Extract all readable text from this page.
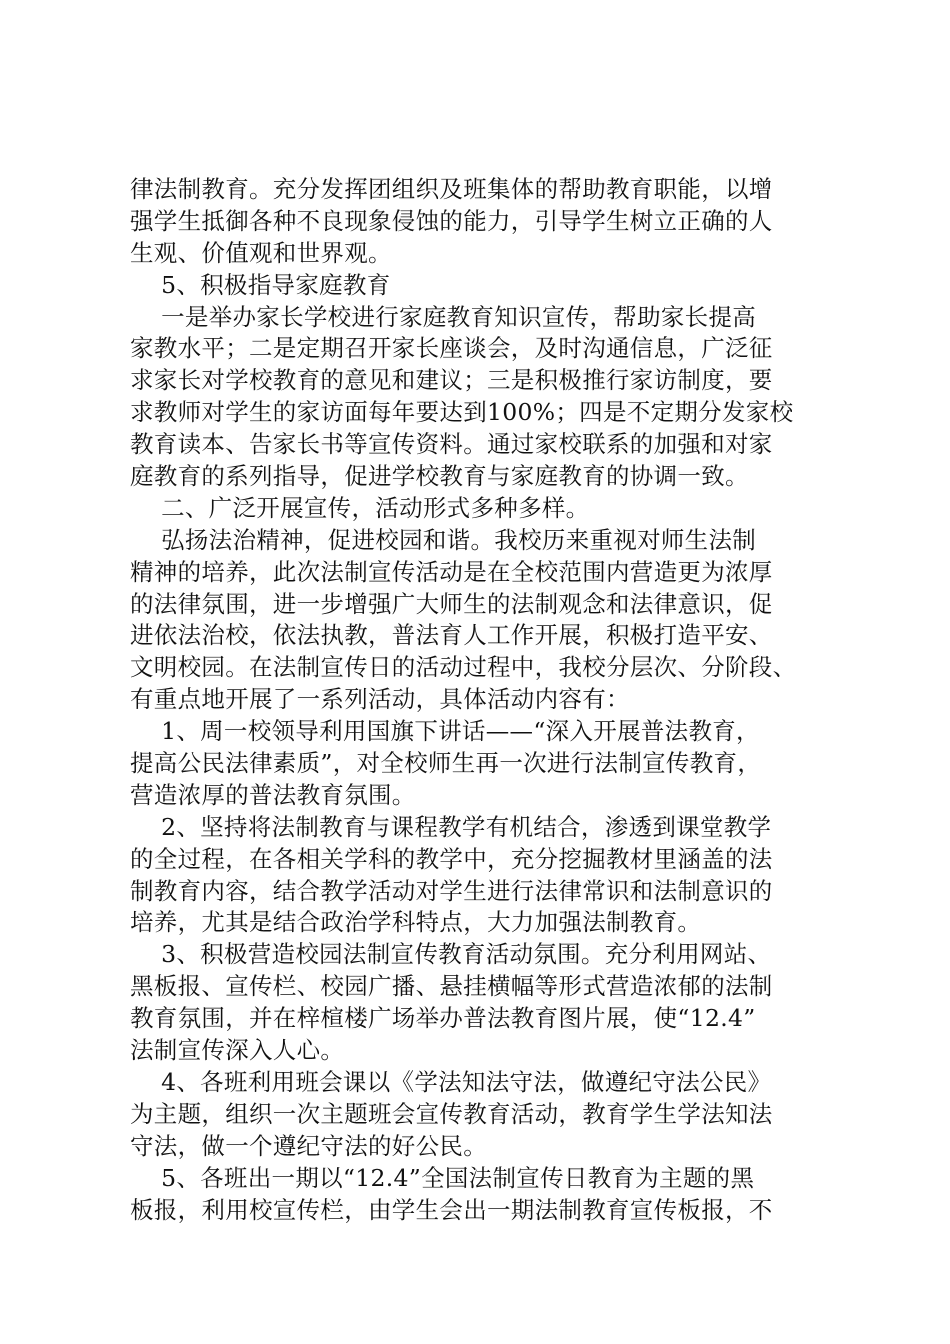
律法制教育。充分发挥团组织及班集体的帮助教育职能，以增
强学生抵御各种不良现象侵蚀的能力，引导学生树立正确的人
生观、价值观和世界观。
5、积极指导家庭教育
一是举办家长学校进行家庭教育知识宣传，帮助家长提高
家教水平；二是定期召开家长座谈会，及时沟通信息，广泛征
求家长对学校教育的意见和建议；三是积极推行家访制度，要
求教师对学生的家访面每年要达到100%；四是不定期分发家校
教育读本、告家长书等宣传资料。通过家校联系的加强和对家
庭教育的系列指导，促进学校教育与家庭教育的协调一致。
二、广泛开展宣传，活动形式多种多样。
弘扬法治精神，促进校园和谐。我校历来重视对师生法制
精神的培养，此次法制宣传活动是在全校范围内营造更为浓厚
的法律氛围，进一步增强广大师生的法制观念和法律意识，促
进依法治校，依法执教，普法育人工作开展，积极打造平安、
文明校园。在法制宣传日的活动过程中，我校分层次、分阶段、
有重点地开展了一系列活动，具体活动内容有：
1、周一校领导利用国旗下讲话——“深入开展普法教育，
提高公民法律素质”，对全校师生再一次进行法制宣传教育，
营造浓厚的普法教育氛围。
2、坚持将法制教育与课程教学有机结合，渗透到课堂教学
的全过程，在各相关学科的教学中，充分挖掘教材里涵盖的法
制教育内容，结合教学活动对学生进行法律常识和法制意识的
培养，尤其是结合政治学科特点，大力加强法制教育。
3、积极营造校园法制宣传教育活动氛围。充分利用网站、
黑板报、宣传栏、校园广播、悬挂横幅等形式营造浓郁的法制
教育氛围，并在梓楦楼广场举办普法教育图片展，使“12.4”
法制宣传深入人心。
4、各班利用班会课以《学法知法守法，做遵纪守法公民》
为主题，组织一次主题班会宣传教育活动，教育学生学法知法
守法，做一个遵纪守法的好公民。
5、各班出一期以“12.4”全国法制宣传日教育为主题的黑
板报，利用校宣传栏，由学生会出一期法制教育宣传板报，不
